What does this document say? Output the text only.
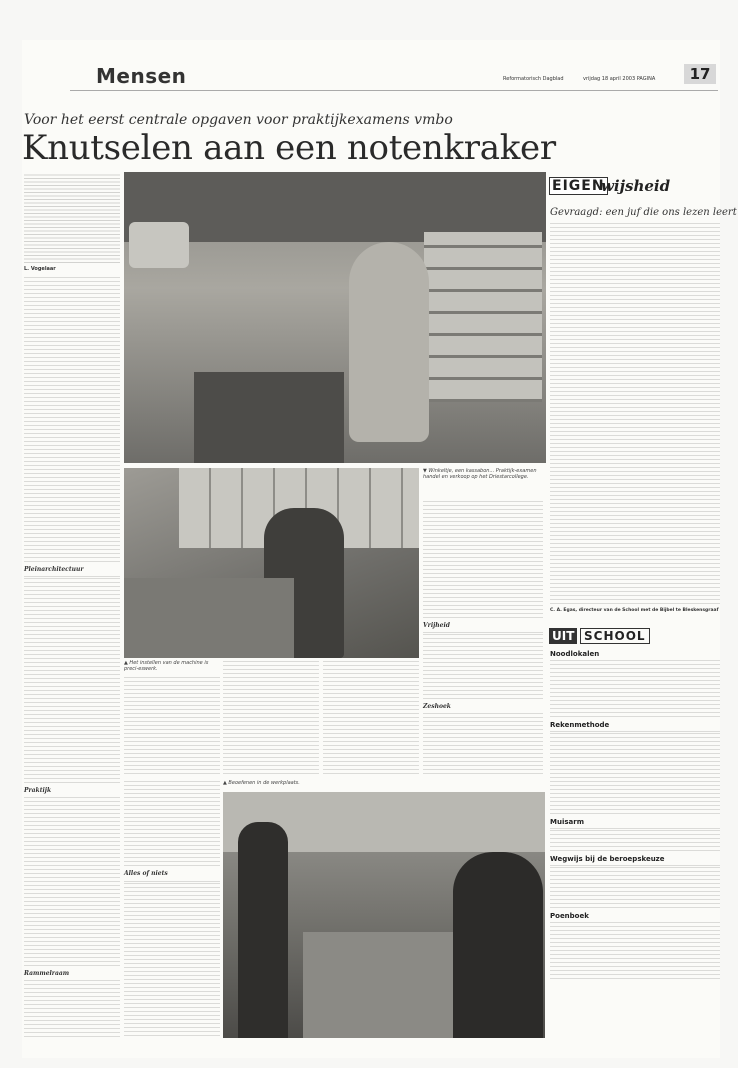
Mensen	Reformatorisch Dagblad	vrijdag 18 april 2003 PAGINA	17
Voor het eerst centrale opgaven voor praktijkexamens vmbo
Knutselen aan een notenkraker
L. Vogelaar
Pleinarchitectuur
Praktijk
Rammelraam
▲ Het instellen van de machine is preci-eswerk.
▼ Winkeltje, een kassabon... Praktijk-examen handel en verkoop op het Driestarcollege.
Vrijheid
Zeshoek
▲ Beoefenen in de werkplaats.
Alles of niets
EIGEN
wijsheid
Gevraagd: een juf die ons lezen leert
C. A. Egas, directeur van de School met de Bijbel te Bleskensgraaf
UIT SCHOOL
Noodlokalen
Rekenmethode
Muisarm
Wegwijs bij de beroepskeuze
Poenboek
